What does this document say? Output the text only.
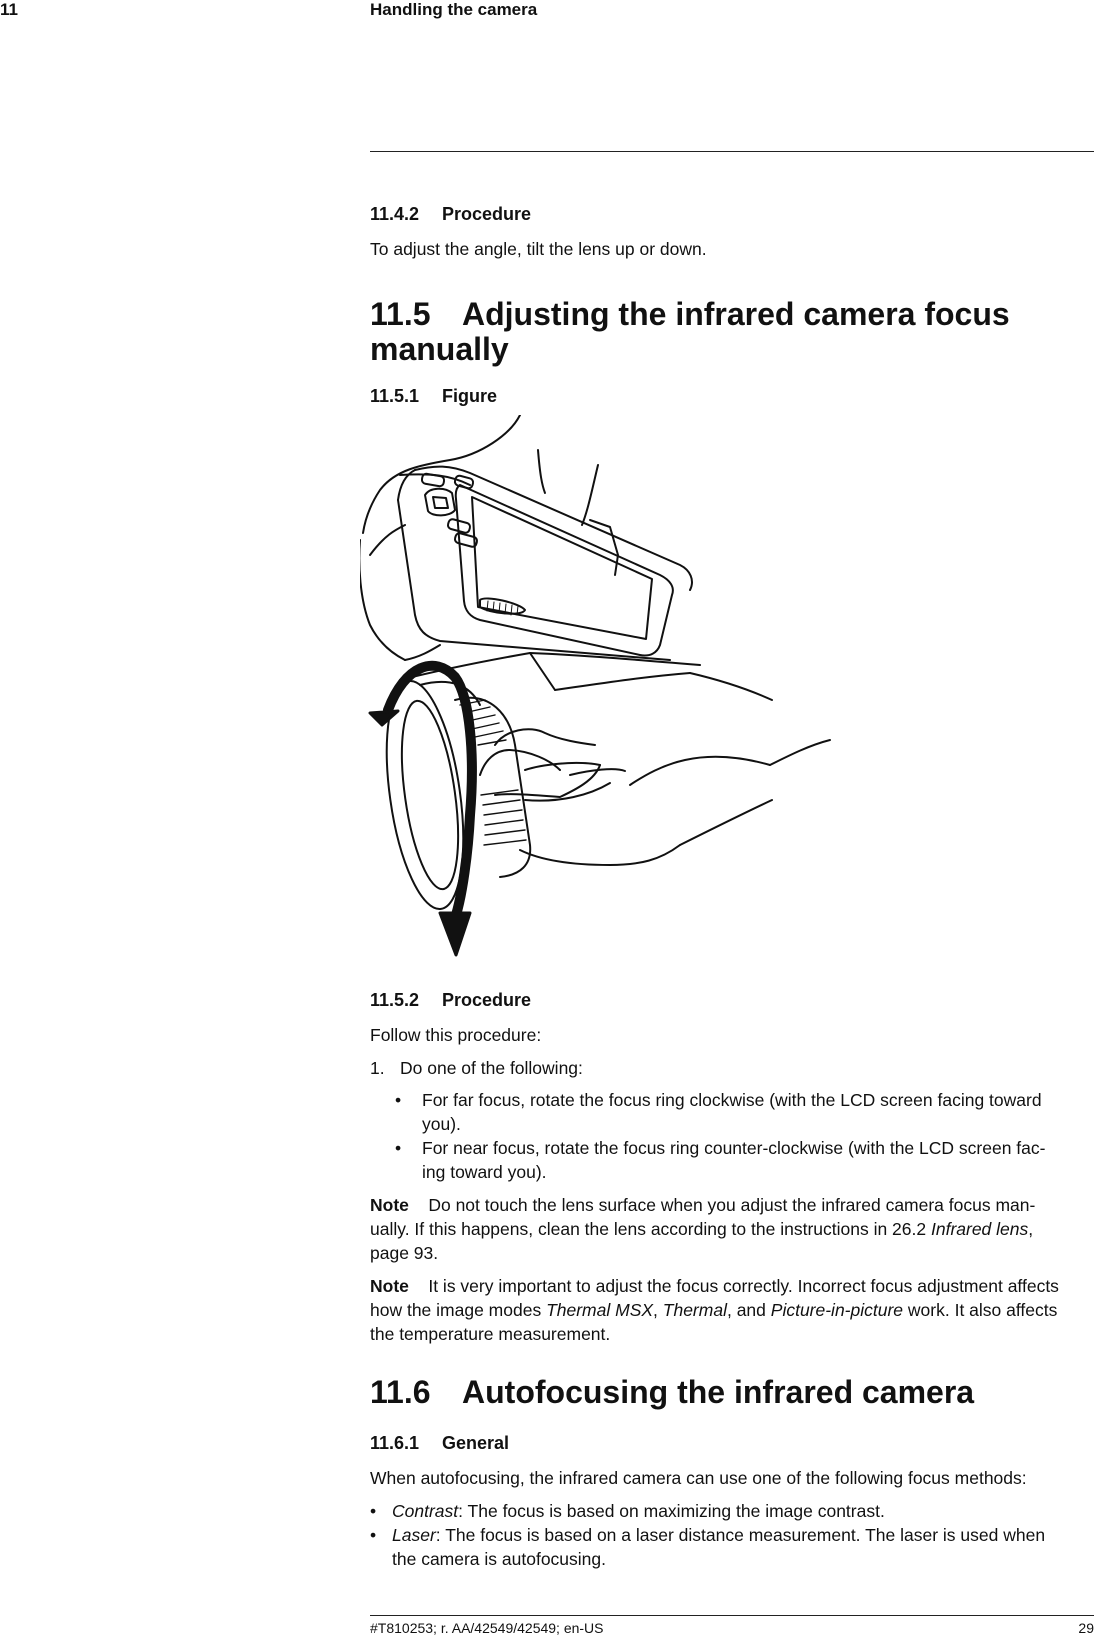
11	Handling the camera
11.4.2 Procedure
To adjust the angle, tilt the lens up or down.
11.5 Adjusting the infrared camera focus
manually
11.5.1 Figure
11.5.2 Procedure
Follow this procedure:
1. Do one of the following:
• For far focus, rotate the focus ring clockwise (with the LCD screen facing toward
you).
• For near focus, rotate the focus ring counter-clockwise (with the LCD screen fac-
ing toward you).
Note Do not touch the lens surface when you adjust the infrared camera focus man-
ually. If this happens, clean the lens according to the instructions in 26.2 Infrared lens,
page 93.
Note It is very important to adjust the focus correctly. Incorrect focus adjustment affects
how the image modes Thermal MSX, Thermal, and Picture-in-picture work. It also affects
the temperature measurement.
11.6 Autofocusing the infrared camera
11.6.1 General
When autofocusing, the infrared camera can use one of the following focus methods:
• Contrast: The focus is based on maximizing the image contrast.
• Laser: The focus is based on a laser distance measurement. The laser is used when
the camera is autofocusing.
#T810253; r. AA/42549/42549; en-US	29
